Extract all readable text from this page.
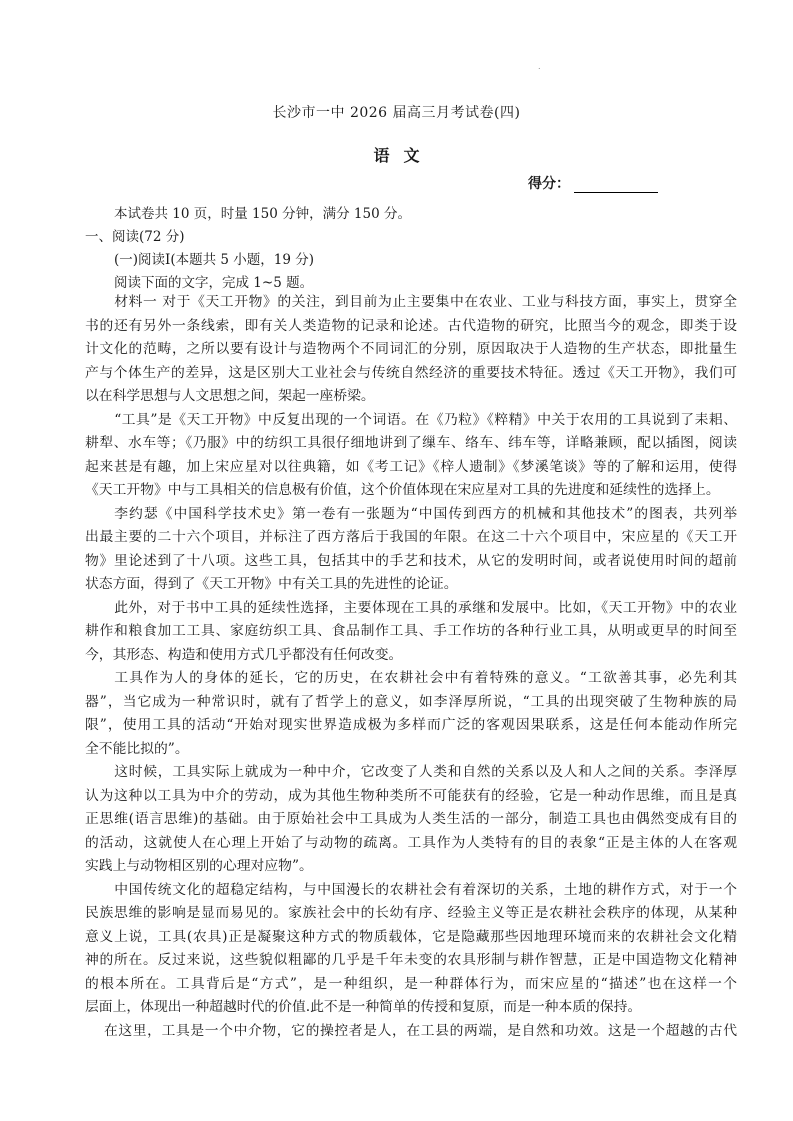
.
长沙市一中 2026 届高三月考试卷(四)
语 文
得分：
本试卷共 10 页，时量 150 分钟，满分 150 分。
一、阅读(72 分)
(一)阅读Ⅰ(本题共 5 小题，19 分)
阅读下面的文字，完成 1~5 题。
材料一 对于《天工开物》的关注，到目前为止主要集中在农业、工业与科技方面，事实上，贯穿全
书的还有另外一条线索，即有关人类造物的记录和论述。古代造物的研究，比照当今的观念，即类于设
计文化的范畴，之所以要有设计与造物两个不同词汇的分别，原因取决于人造物的生产状态，即批量生
产与个体生产的差异，这是区别大工业社会与传统自然经济的重要技术特征。透过《天工开物》，我们可
以在科学思想与人文思想之间，架起一座桥梁。
“工具”是《天工开物》中反复出现的一个词语。在《乃粒》《粹精》中关于农用的工具说到了耒耜、
耕犁、水车等；《乃服》中的纺织工具很仔细地讲到了缫车、络车、纬车等，详略兼顾，配以插图，阅读
起来甚是有趣，加上宋应星对以往典籍，如《考工记》《梓人遗制》《梦溪笔谈》等的了解和运用，使得
《天工开物》中与工具相关的信息极有价值，这个价值体现在宋应星对工具的先进度和延续性的选择上。
李约瑟《中国科学技术史》第一卷有一张题为“中国传到西方的机械和其他技术”的图表，共列举
出最主要的二十六个项目，并标注了西方落后于我国的年限。在这二十六个项目中，宋应星的《天工开
物》里论述到了十八项。这些工具，包括其中的手艺和技术，从它的发明时间，或者说使用时间的超前
状态方面，得到了《天工开物》中有关工具的先进性的论证。
此外，对于书中工具的延续性选择，主要体现在工具的承继和发展中。比如，《天工开物》中的农业
耕作和粮食加工工具、家庭纺织工具、食品制作工具、手工作坊的各种行业工具，从明或更早的时间至
今，其形态、构造和使用方式几乎都没有任何改变。
工具作为人的身体的延长，它的历史，在农耕社会中有着特殊的意义。“工欲善其事，必先利其
器”，当它成为一种常识时，就有了哲学上的意义，如李泽厚所说，“工具的出现突破了生物种族的局
限”，使用工具的活动“开始对现实世界造成极为多样而广泛的客观因果联系，这是任何本能动作所完
全不能比拟的”。
这时候，工具实际上就成为一种中介，它改变了人类和自然的关系以及人和人之间的关系。李泽厚
认为这种以工具为中介的劳动，成为其他生物种类所不可能获有的经验，它是一种动作思维，而且是真
正思维(语言思维)的基础。由于原始社会中工具成为人类生活的一部分，制造工具也由偶然变成有目的
的活动，这就使人在心理上开始了与动物的疏离。工具作为人类特有的目的表象“正是主体的人在客观
实践上与动物相区别的心理对应物”。
中国传统文化的超稳定结构，与中国漫长的农耕社会有着深切的关系，土地的耕作方式，对于一个
民族思维的影响是显而易见的。家族社会中的长幼有序、经验主义等正是农耕社会秩序的体现，从某种
意义上说，工具(农具)正是凝聚这种方式的物质载体，它是隐藏那些因地理环境而来的农耕社会文化精
神的所在。反过来说，这些貌似粗鄙的几乎是千年未变的农具形制与耕作智慧，正是中国造物文化精神
的根本所在。工具背后是“方式”，是一种组织，是一种群体行为，而宋应星的“描述”也在这样一个
层面上，体现出一种超越时代的价值.此不是一种简单的传授和复原，而是一种本质的保持。
在这里，工具是一个中介物，它的操控者是人，在工县的两端，是自然和功效。这是一个超越的古代
